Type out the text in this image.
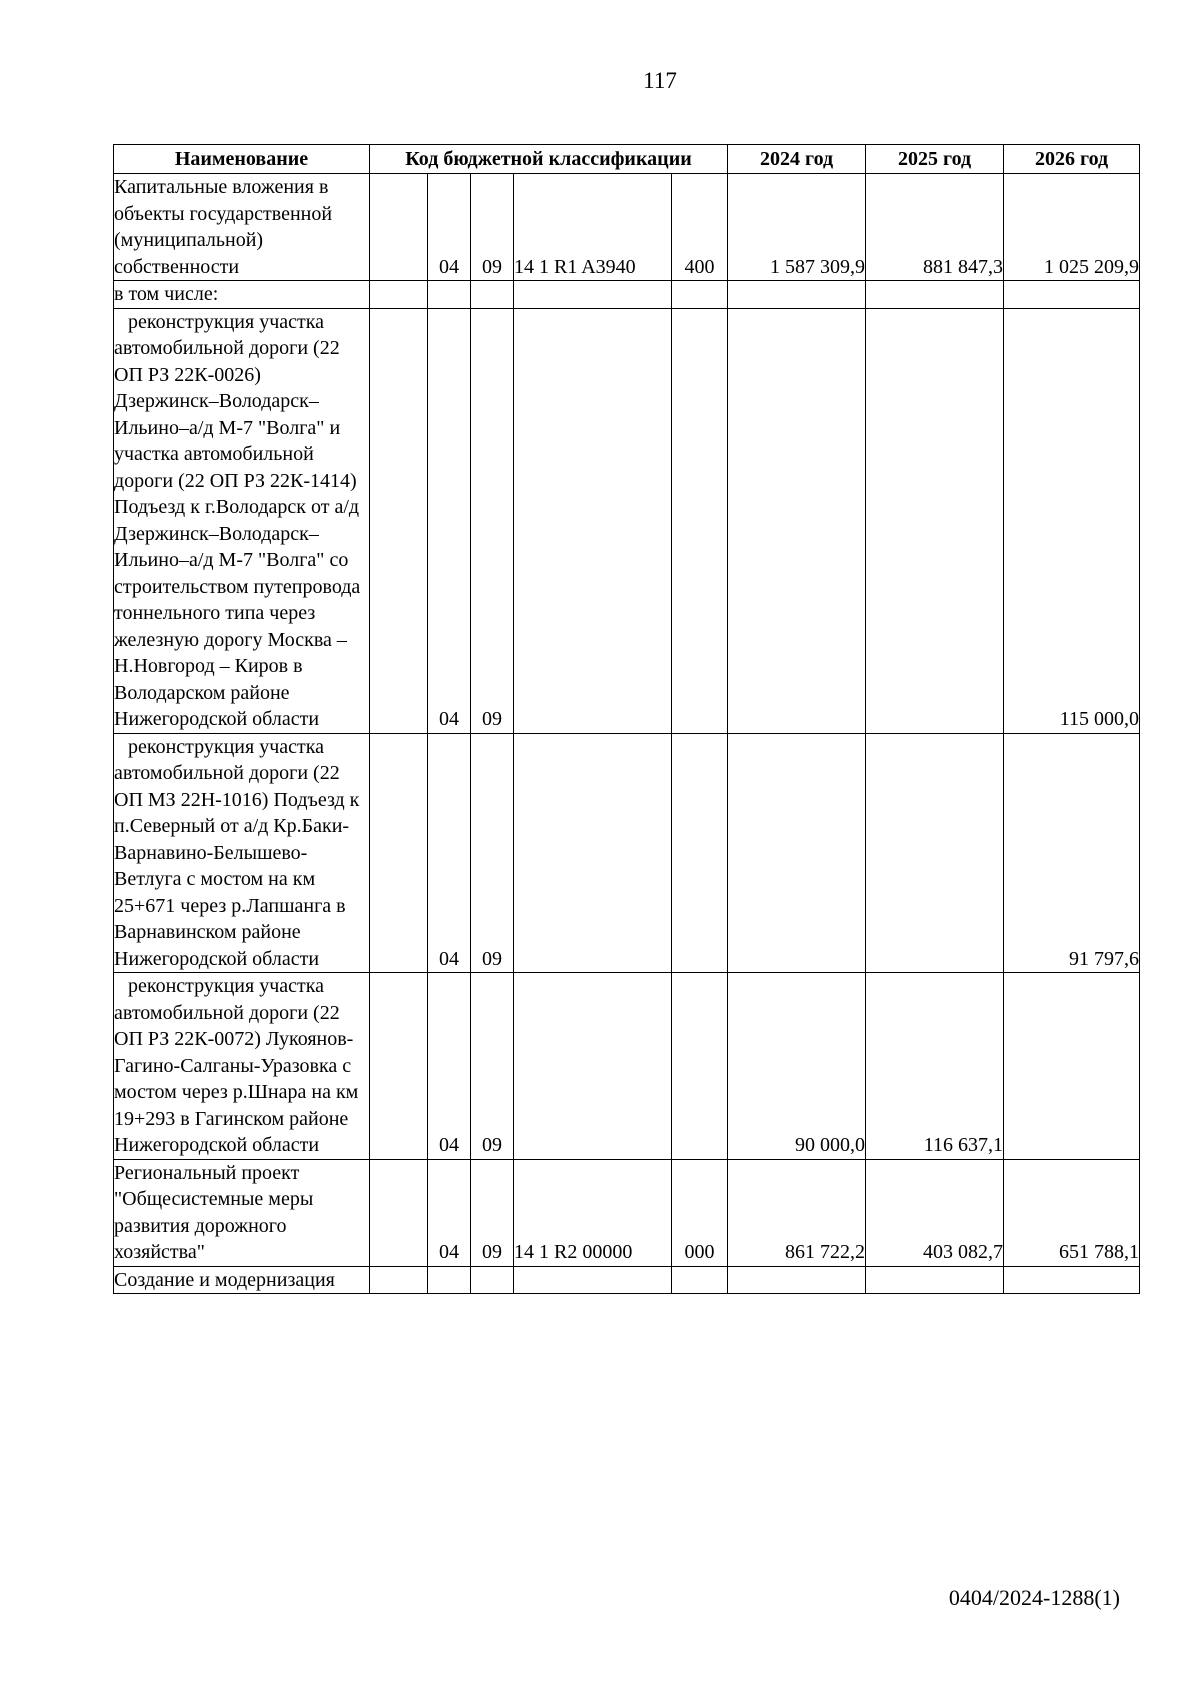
117
Наименование	Код бюджетной классификации					2024 год	2025 год	2026 год
Капитальные вложения в объекты государственной (муниципальной) собственности		04	09	14 1 R1 A3940	400	1 587 309,9	881 847,3	1 025 209,9
в том числе:								
реконструкция участка автомобильной дороги (22 ОП РЗ 22К-0026) Дзержинск–Володарск–Ильино–а/д М-7 "Волга" и участка автомобильной дороги (22 ОП РЗ 22К-1414) Подъезд к г.Володарск от а/д Дзержинск–Володарск–Ильино–а/д М-7 "Волга" со строительством путепровода тоннельного типа через железную дорогу Москва – Н.Новгород – Киров в Володарском районе Нижегородской области		04	09					115 000,0
реконструкция участка автомобильной дороги (22 ОП МЗ 22Н-1016) Подъезд к п.Северный от а/д Кр.Баки-Варнавино-Белышево-Ветлуга с мостом на км 25+671 через р.Лапшанга в Варнавинском районе Нижегородской области		04	09					91 797,6
реконструкция участка автомобильной дороги (22 ОП РЗ 22К-0072) Лукоянов-Гагино-Салганы-Уразовка с мостом через р.Шнара на км 19+293 в Гагинском районе Нижегородской области		04	09			90 000,0	116 637,1	
Региональный проект "Общесистемные меры развития дорожного хозяйства"		04	09	14 1 R2 00000	000	861 722,2	403 082,7	651 788,1
Создание и модернизация								
0404/2024-1288(1)
